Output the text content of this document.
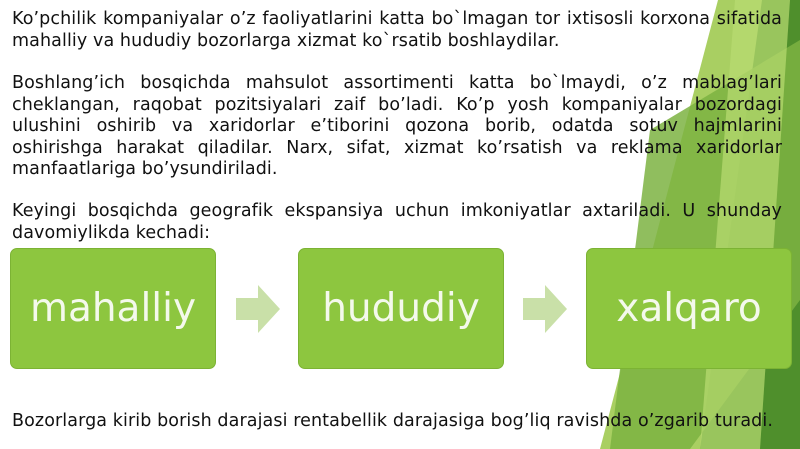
Ko’pchilik kompaniyalar o’z faoliyatlarini katta bo`lmagan tor ixtisosli korxona sifatida mahalliy va hududiy bozorlarga xizmat ko`rsatib boshlaydilar.

Boshlang’ich bosqichda mahsulot assortimenti katta bo`lmaydi, o’z mablag’lari cheklangan, raqobat pozitsiyalari zaif bo’ladi. Ko’p yosh kompaniyalar bozordagi ulushini oshirib va xaridorlar e’tiborini qozona borib, odatda sotuv hajmlarini oshirishga harakat qiladilar. Narx, sifat, xizmat ko’rsatish va reklama xaridorlar manfaatlariga bo’ysundiriladi.

Keyingi bosqichda geografik ekspansiya uchun imkoniyatlar axtariladi. U shunday davomiylikda kechadi:

mahalliy	hududiy	xalqaro

Bozorlarga kirib borish darajasi rentabellik darajasiga bog’liq ravishda o’zgarib turadi.
